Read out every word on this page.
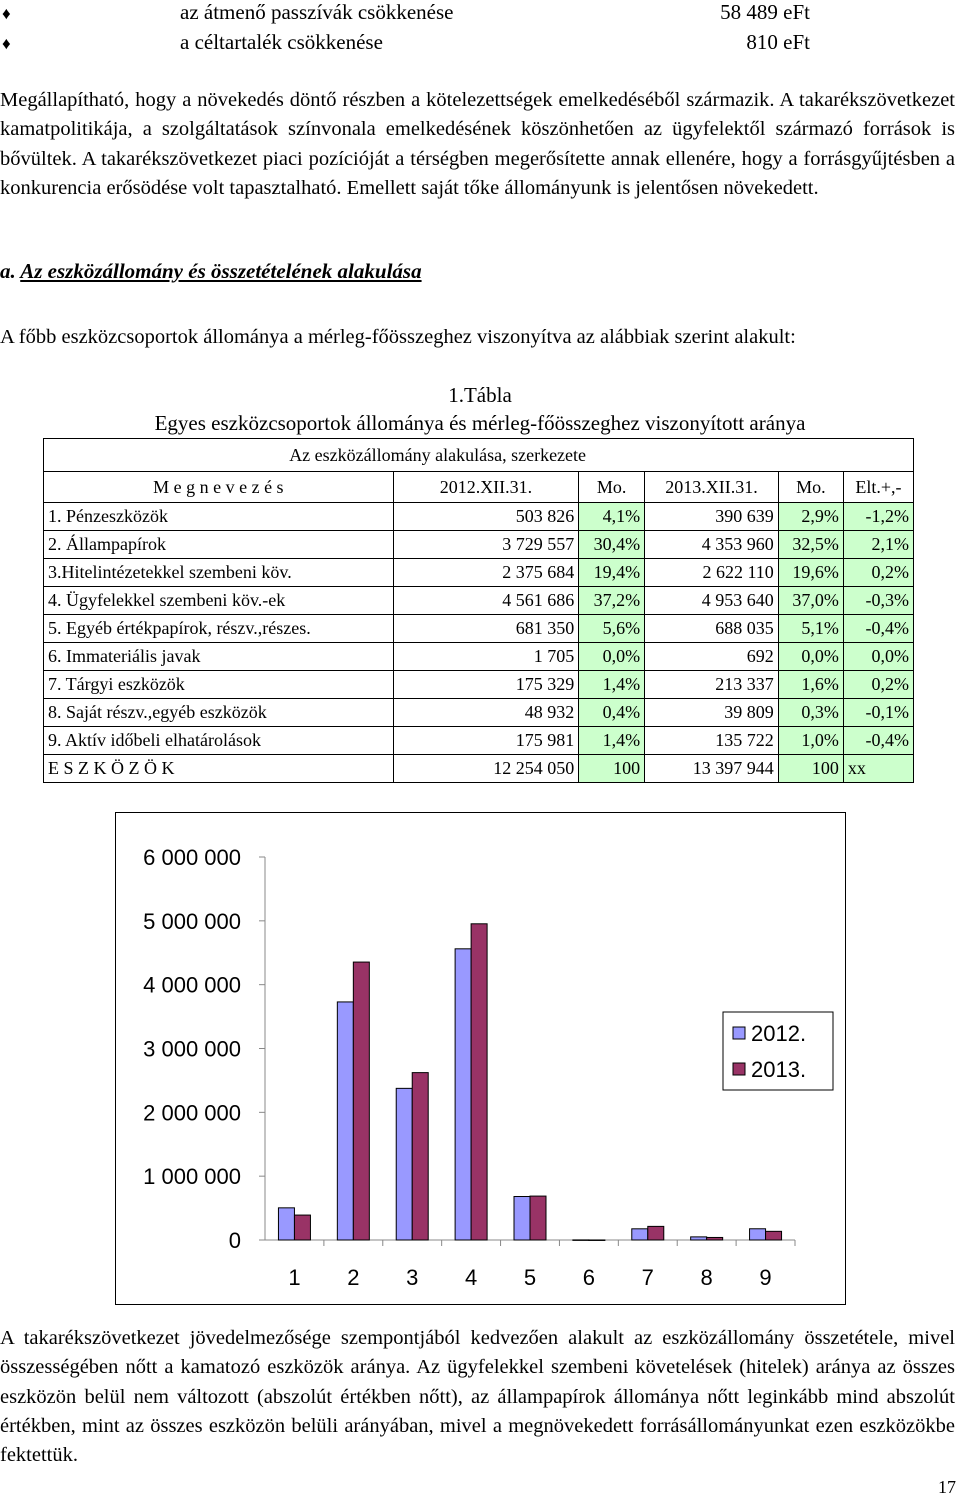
♦	az átmenő passzívák csökkenése	58 489 eFt
♦	a céltartalék csökkenése	810 eFt

Megállapítható, hogy a növekedés döntő részben a kötelezettségek emelkedéséből származik. A takarékszövetkezet kamatpolitikája, a szolgáltatások színvonala emelkedésének köszönhetően az ügyfelektől származó források is bővültek. A takarékszövetkezet piaci pozícióját a térségben megerősítette annak ellenére, hogy a forrásgyűjtésben a konkurencia erősödése volt tapasztalható. Emellett saját tőke állományunk is jelentősen növekedett.

a. Az eszközállomány és összetételének alakulása

A főbb eszközcsoportok állománya a mérleg-főösszeghez viszonyítva az alábbiak szerint alakult:

1.Tábla
Egyes eszközcsoportok állománya és mérleg-főösszeghez viszonyított aránya
	Az eszközállomány alakulása, szerkezete				
M e g n e v e z é s	2012.XII.31.	Mo.	2013.XII.31.	Mo.	Elt.+,-
1. Pénzeszközök	503 826	4,1%	390 639	2,9%	-1,2%
2. Állampapírok	3 729 557	30,4%	4 353 960	32,5%	2,1%
3.Hitelintézetekkel szembeni köv.	2 375 684	19,4%	2 622 110	19,6%	0,2%
4. Ügyfelekkel szembeni köv.-ek	4 561 686	37,2%	4 953 640	37,0%	-0,3%
5. Egyéb értékpapírok, részv.,részes.	681 350	5,6%	688 035	5,1%	-0,4%
6. Immateriális javak	1 705	0,0%	692	0,0%	0,0%
7. Tárgyi eszközök	175 329	1,4%	213 337	1,6%	0,2%
8. Saját részv.,egyéb eszközök	48 932	0,4%	39 809	0,3%	-0,1%
9. Aktív időbeli elhatárolások	175 981	1,4%	135 722	1,0%	-0,4%
E S Z K Ö Z Ö K	12 254 050	100	13 397 944	100	xx
0
1 000 000
2 000 000
3 000 000
4 000 000
5 000 000
6 000 000
1 2 3 4 5 6 7 8 9
2012.
2013.

A takarékszövetkezet jövedelmezősége szempontjából kedvezően alakult az eszközállomány összetétele, mivel összességében nőtt a kamatozó eszközök aránya. Az ügyfelekkel szembeni követelések (hitelek) aránya az összes eszközön belül nem változott (abszolút értékben nőtt), az állampapírok állománya nőtt leginkább mind abszolút értékben, mint az összes eszközön belüli arányában, mivel a megnövekedett forrásállományunkat ezen eszközökbe fektettük.

17
